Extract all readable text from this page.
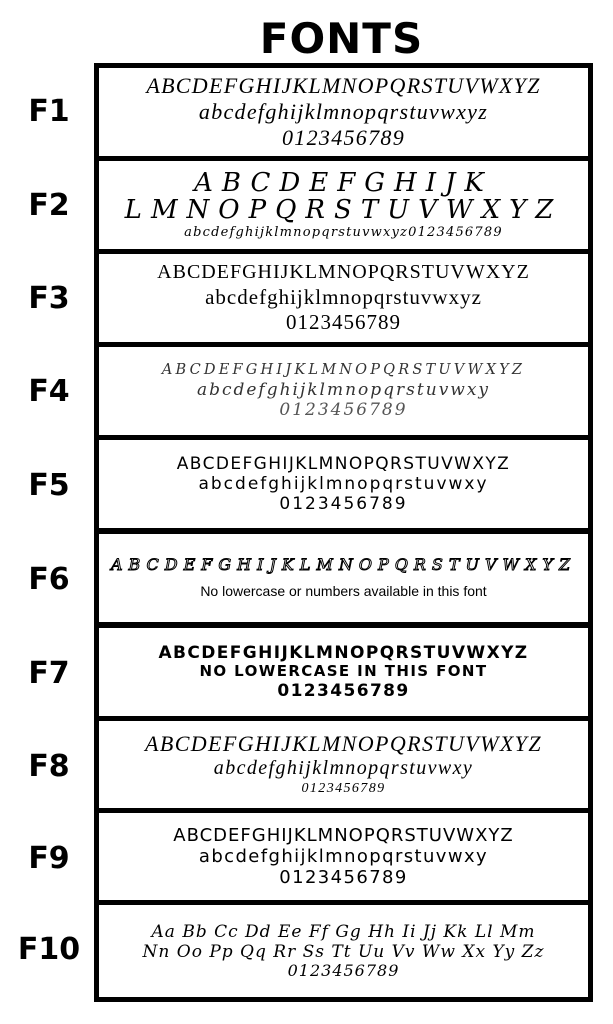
FONTS
F1
F2
F3
F4
F5
F6
F7
F8
F9
F10
ABCDEFGHIJKLMNOPQRSTUVWXYZ
abcdefghijklmnopqrstuvwxyz
0123456789
ABCDEFGHIJK
LMNOPQRSTUVWXYZ
abcdefghijklmnopqrstuvwxyz0123456789
ABCDEFGHIJKLMNOPQRSTUVWXYZ
abcdefghijklmnopqrstuvwxyz
0123456789
ABCDEFGHIJKLMNOPQRSTUVWXYZ
abcdefghijklmnopqrstuvwxy
0123456789
ABCDEFGHIJKLMNOPQRSTUVWXYZ
abcdefghijklmnopqrstuvwxy
0123456789
ABCDEFGHIJKLMNOPQRSTUVWXYZ
No lowercase or numbers available in this font
ABCDEFGHIJKLMNOPQRSTUVWXYZ
NO LOWERCASE IN THIS FONT
0123456789
ABCDEFGHIJKLMNOPQRSTUVWXYZ
abcdefghijklmnopqrstuvwxy
0123456789
ABCDEFGHIJKLMNOPQRSTUVWXYZ
abcdefghijklmnopqrstuvwxy
0123456789
Aa Bb Cc Dd Ee Ff Gg Hh Ii Jj Kk Ll Mm
Nn Oo Pp Qq Rr Ss Tt Uu Vv Ww Xx Yy Zz
0123456789
